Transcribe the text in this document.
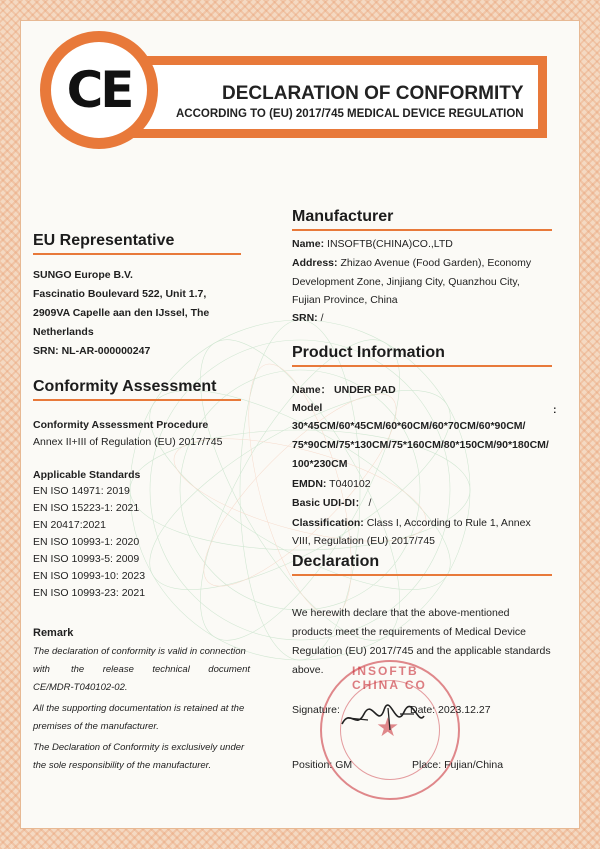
CE	DECLARATION OF CONFORMITY
ACCORDING TO (EU) 2017/745 MEDICAL DEVICE REGULATION
EU Representative
SUNGO Europe B.V.
Fascinatio Boulevard 522, Unit 1.7,
2909VA Capelle aan den IJssel, The
Netherlands
SRN: NL-AR-000000247
Conformity Assessment
Conformity Assessment Procedure
Annex II+III of Regulation (EU) 2017/745
Applicable Standards
EN ISO 14971: 2019
EN ISO 15223-1: 2021
EN 20417:2021
EN ISO 10993-1: 2020
EN ISO 10993-5: 2009
EN ISO 10993-10: 2023
EN ISO 10993-23: 2021
Remark
The declaration of conformity is valid in connection
with        the       release       technical       document
CE/MDR-T040102-02.
All the supporting documentation is retained at the
premises of the manufacturer.
The Declaration of Conformity is exclusively under
the sole responsibility of the manufacturer.
Manufacturer
Name: INSOFTB(CHINA)CO.,LTD
Address: Zhizao Avenue (Food Garden), Economy
Development Zone, Jinjiang City, Quanzhou City,
Fujian Province, China
SRN: /
Product Information
Name： UNDER PAD
Model	:
30*45CM/60*45CM/60*60CM/60*70CM/60*90CM/
75*90CM/75*130CM/75*160CM/80*150CM/90*180CM/
100*230CM
EMDN: T040102
Basic UDI-DI： /
Classification: Class I, According to Rule 1, Annex
VIII, Regulation (EU) 2017/745
Declaration
We herewith declare that the above-mentioned
products meet the requirements of Medical Device
Regulation (EU) 2017/745 and the applicable standards
above. INSOFTB CHINA CO
★
Signature:	Date: 2023.12.27
Position: GM	Place: Fujian/China
